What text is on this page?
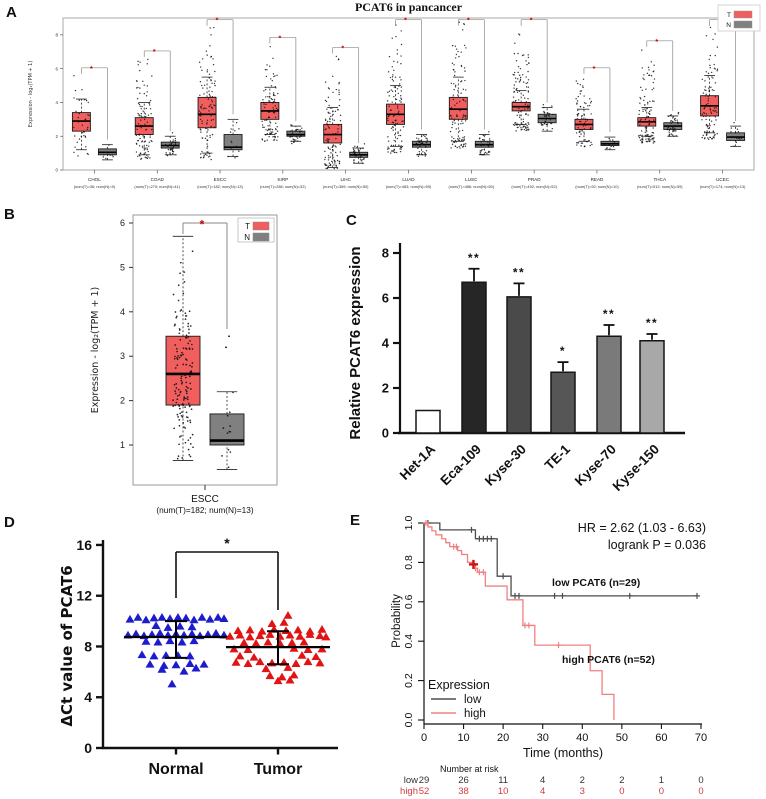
PCAT6 in pancancer
A
B	C
D	E
0
2
4
6
8
Expression - log₂(TPM + 1)	*
CHOL
(num(T)=36; num(N)=9)
*
COAD
(num(T)=275; num(N)=41)
*
ESCC
(num(T)=182; num(N)=13)
*
KIRP
(num(T)=286; num(N)=32)
*
LIHC
(num(T)=369; num(N)=50)
*
LUAD
(num(T)=483; num(N)=59)
*
LUSC
(num(T)=486; num(N)=50)
*
PRAD
(num(T)=492; num(N)=52)
*
READ
(num(T)=92; num(N)=10)
*
THCA
(num(T)=512; num(N)=59)
UCEC
(num(T)=174; num(N)=13)
T
N
1
2
3
4
5
6
Expression - log₂(TPM + 1)
*	T
N
ESCC
(num(T)=182; num(N)=13)
0
2
4
6
8
Relative PCAT6 expression
Het-1A
**
Eca-109
**
Kyse-30
*
TE-1
**
Kyse-70
**
Kyse-150
0
4
8
12
16
ΔCt value of PCAT6
Normal	Tumor
*
0.0
0.2
0.4
0.6
0.8
1.0
0	10 20 30 40 50 60 70
Time (months)
Probability
low PCAT6 (n=29)
high PCAT6 (n=52)
HR = 2.62 (1.03 - 6.63)
logrank P = 0.036
Expression
low
high
Number at risk
low 29	26	11	4	2	2	1	0
high 52	38	10	4	3	0	0	0
